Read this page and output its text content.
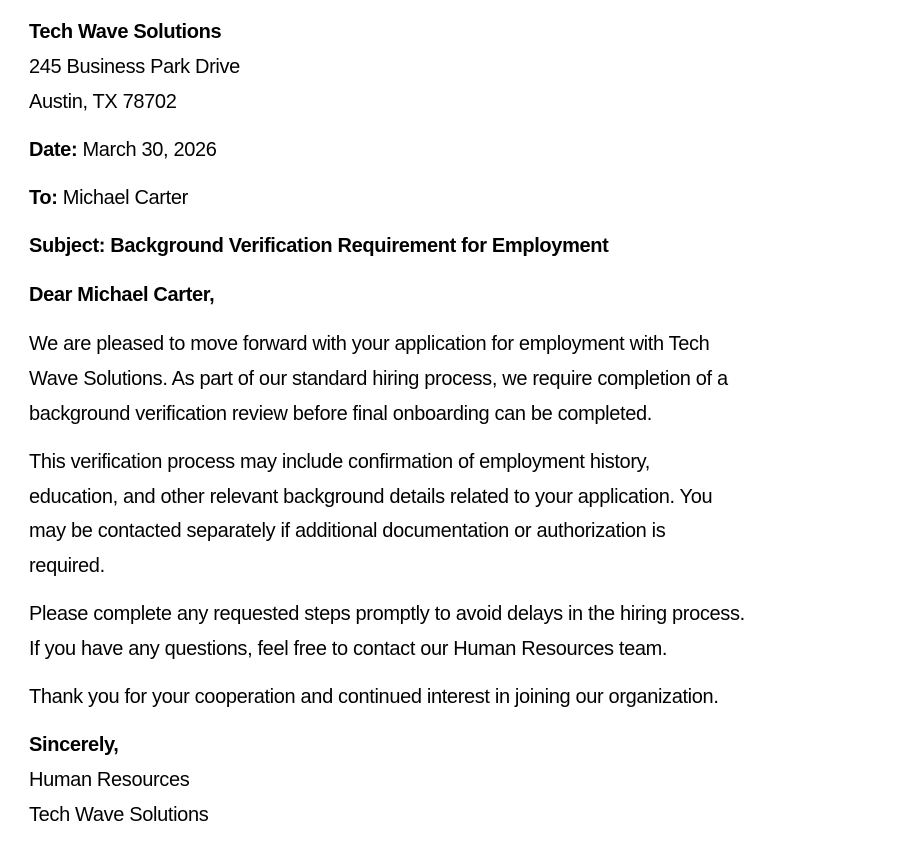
Tech Wave Solutions
245 Business Park Drive
Austin, TX 78702
Date: March 30, 2026
To: Michael Carter
Subject: Background Verification Requirement for Employment
Dear Michael Carter,
We are pleased to move forward with your application for employment with Tech
Wave Solutions. As part of our standard hiring process, we require completion of a
background verification review before final onboarding can be completed.
This verification process may include confirmation of employment history,
education, and other relevant background details related to your application. You
may be contacted separately if additional documentation or authorization is
required.
Please complete any requested steps promptly to avoid delays in the hiring process.
If you have any questions, feel free to contact our Human Resources team.
Thank you for your cooperation and continued interest in joining our organization.
Sincerely,
Human Resources
Tech Wave Solutions
